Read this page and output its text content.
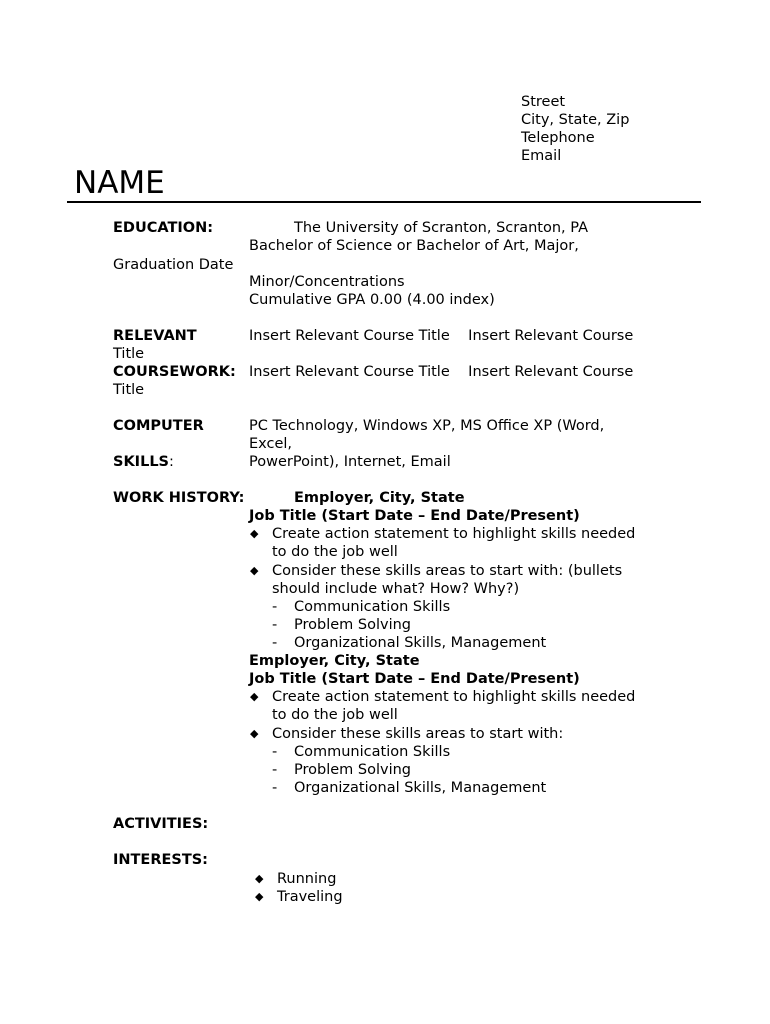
Street
City, State, Zip
Telephone
Email
NAME
EDUCATION:	The University of Scranton, Scranton, PA
Bachelor of Science or Bachelor of Art, Major,
Graduation Date
Minor/Concentrations
Cumulative GPA 0.00 (4.00 index)
RELEVANT	Insert Relevant Course Title    Insert Relevant Course
Title
COURSEWORK: Insert Relevant Course Title    Insert Relevant Course
Title
COMPUTER	PC Technology, Windows XP, MS Office XP (Word,
Excel,
SKILLS:	PowerPoint), Internet, Email
WORK HISTORY:	Employer, City, State
Job Title (Start Date – End Date/Present)
◆ Create action statement to highlight skills needed
to do the job well
◆ Consider these skills areas to start with: (bullets
should include what? How? Why?)
- Communication Skills
- Problem Solving
- Organizational Skills, Management
Employer, City, State
Job Title (Start Date – End Date/Present)
◆ Create action statement to highlight skills needed
to do the job well
◆ Consider these skills areas to start with:
- Communication Skills
- Problem Solving
- Organizational Skills, Management
ACTIVITIES:
INTERESTS:
◆ Running
◆ Traveling
